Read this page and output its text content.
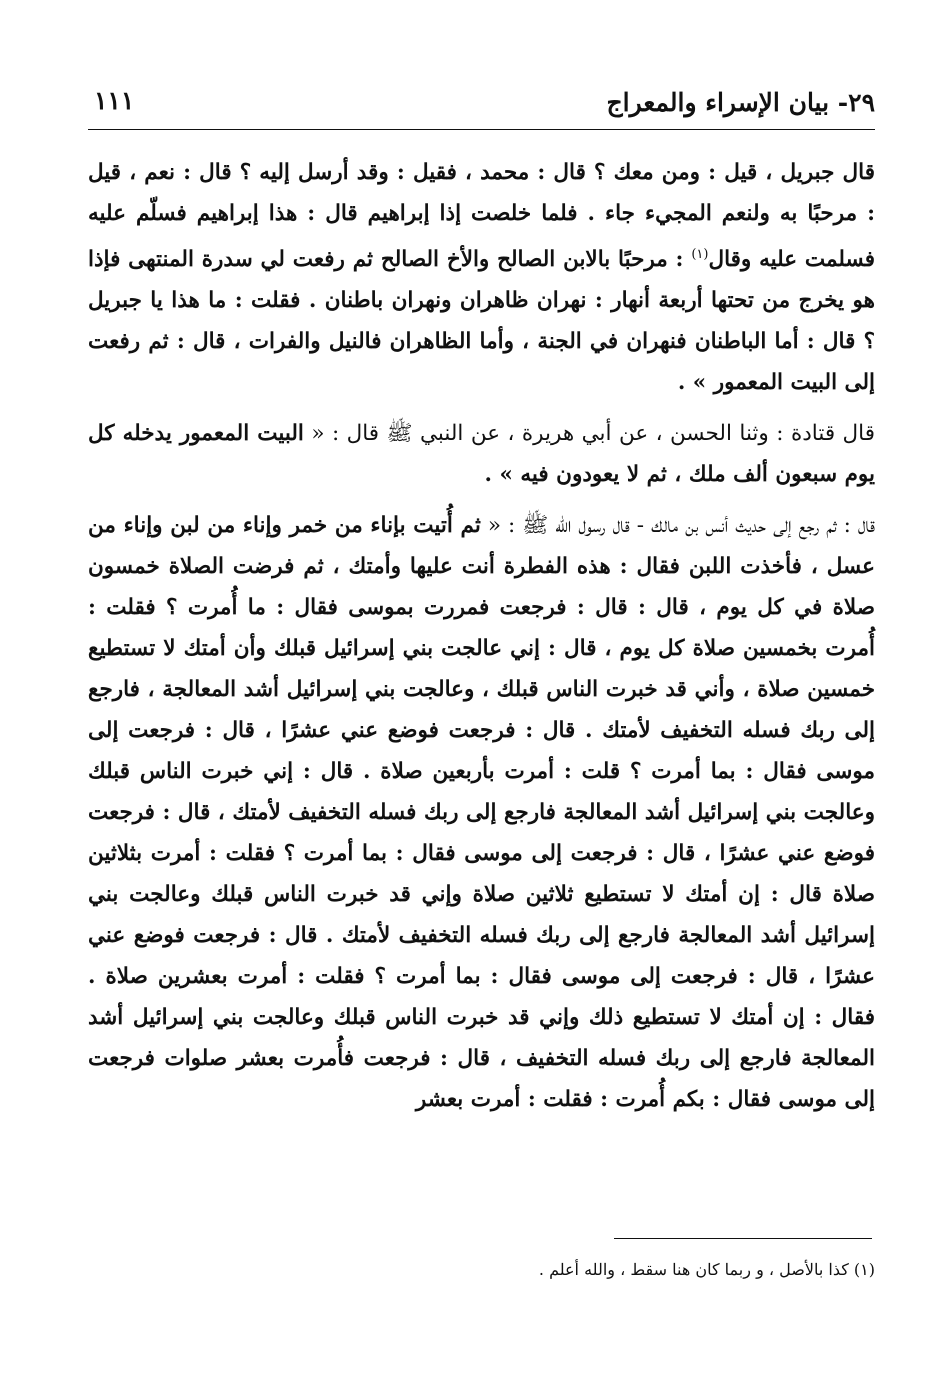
٢٩- بيان الإسراء والمعراج
١١١

قال جبريل ، قيل : ومن معك ؟ قال : محمد ، فقيل : وقد أرسل إليه ؟ قال : نعم ، قيل : مرحبًا به ولنعم المجيء جاء . فلما خلصت إذا إبراهيم قال : هذا إبراهيم فسلّم عليه فسلمت عليه وقال$^{(١)}$ : مرحبًا بالابن الصالح والأخ الصالح ثم رفعت لي سدرة المنتهى فإذا هو يخرج من تحتها أربعة أنهار : نهران ظاهران ونهران باطنان . فقلت : ما هذا يا جبريل ؟ قال : أما الباطنان فنهران في الجنة ، وأما الظاهران فالنيل والفرات ، قال : ثم رفعت إلى البيت المعمور » .

قال قتادة : وثنا الحسن ، عن أبي هريرة ، عن النبي ﷺ قال : « البيت المعمور يدخله كل يوم سبعون ألف ملك ، ثم لا يعودون فيه » .

قال : ثم رجع إلى حديث أنس بن مالك - قال رسول الله ﷺ : « ثم أُتيت بإناء من خمر وإناء من لبن وإناء من عسل ، فأخذت اللبن فقال : هذه الفطرة أنت عليها وأمتك ، ثم فرضت الصلاة خمسون صلاة في كل يوم ، قال : قال : فرجعت فمررت بموسى فقال : ما أُمرت ؟ فقلت : أُمرت بخمسين صلاة كل يوم ، قال : إني عالجت بني إسرائيل قبلك وأن أمتك لا تستطيع خمسين صلاة ، وأني قد خبرت الناس قبلك ، وعالجت بني إسرائيل أشد المعالجة ، فارجع إلى ربك فسله التخفيف لأمتك . قال : فرجعت فوضع عني عشرًا ، قال : فرجعت إلى موسى فقال : بما أمرت ؟ قلت : أمرت بأربعين صلاة . قال : إني خبرت الناس قبلك وعالجت بني إسرائيل أشد المعالجة فارجع إلى ربك فسله التخفيف لأمتك ، قال : فرجعت فوضع عني عشرًا ، قال : فرجعت إلى موسى فقال : بما أمرت ؟ فقلت : أمرت بثلاثين صلاة قال : إن أمتك لا تستطيع ثلاثين صلاة وإني قد خبرت الناس قبلك وعالجت بني إسرائيل أشد المعالجة فارجع إلى ربك فسله التخفيف لأمتك . قال : فرجعت فوضع عني عشرًا ، قال : فرجعت إلى موسى فقال : بما أمرت ؟ فقلت : أمرت بعشرين صلاة . فقال : إن أمتك لا تستطيع ذلك وإني قد خبرت الناس قبلك وعالجت بني إسرائيل أشد المعالجة فارجع إلى ربك فسله التخفيف ، قال : فرجعت فأُمرت بعشر صلوات فرجعت إلى موسى فقال : بكم أُمرت : فقلت : أمرت بعشر

(١) كذا بالأصل ، و ربما كان هنا سقط ، والله أعلم .
